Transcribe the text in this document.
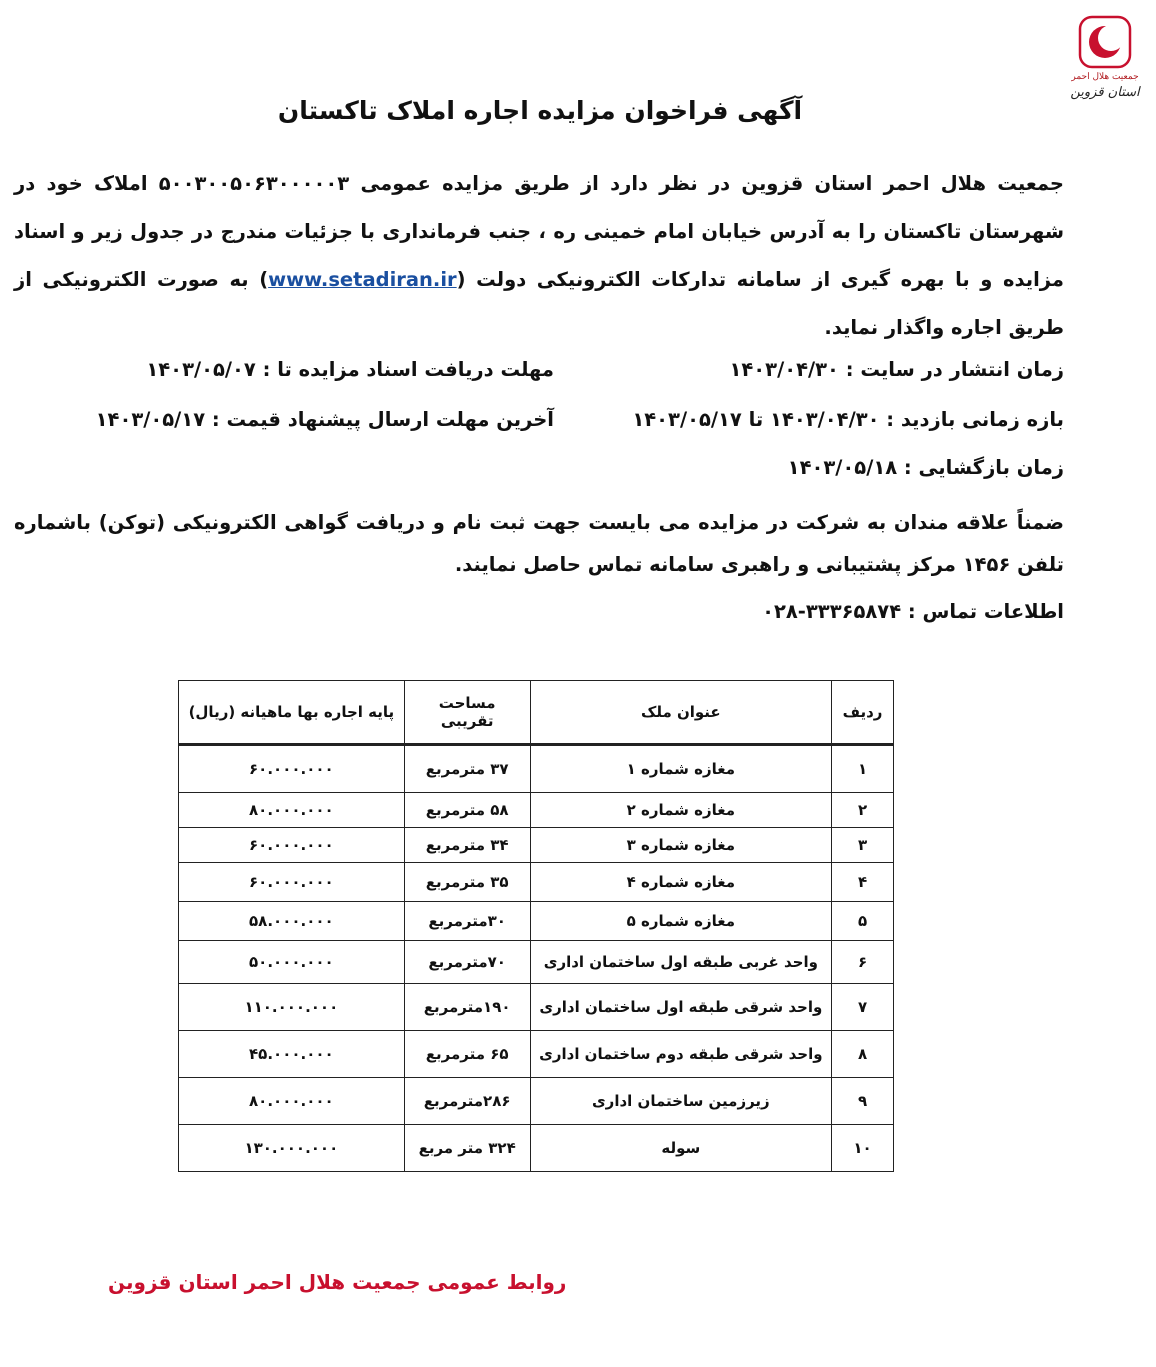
جمعیت هلال احمر
استان قزوین
آگهی فراخوان مزایده اجاره املاک تاکستان
جمعیت هلال احمر استان قزوین در نظر دارد از طریق مزایده عمومی ۵۰۰۳۰۰۵۰۶۳۰۰۰۰۰۳ املاک خود در شهرستان تاکستان را به آدرس خیابان امام خمینی ره ، جنب فرمانداری با جزئیات مندرج در جدول زیر و اسناد مزایده و با بهره گیری از سامانه تدارکات الکترونیکی دولت (www.setadiran.ir) به صورت الکترونیکی از طریق اجاره واگذار نماید.
زمان انتشار در سایت : ۱۴۰۳/۰۴/۳۰
مهلت دریافت اسناد مزایده تا : ۱۴۰۳/۰۵/۰۷
بازه زمانی بازدید : ۱۴۰۳/۰۴/۳۰ تا ۱۴۰۳/۰۵/۱۷
آخرین مهلت ارسال پیشنهاد قیمت : ۱۴۰۳/۰۵/۱۷
زمان بازگشایی : ۱۴۰۳/۰۵/۱۸
ضمناً علاقه مندان به شرکت در مزایده می بایست جهت ثبت نام و دریافت گواهی الکترونیکی (توکن) باشماره تلفن ۱۴۵۶ مرکز پشتیبانی و راهبری سامانه تماس حاصل نمایند.
اطلاعات تماس : ۰۲۸-۳۳۳۶۵۸۷۴
ردیف	عنوان ملک	مساحت تقریبی	پایه اجاره بها ماهیانه (ریال)
۱	مغازه شماره ۱	۳۷ مترمربع	۶۰.۰۰۰.۰۰۰
۲	مغازه شماره ۲	۵۸ مترمربع	۸۰.۰۰۰.۰۰۰
۳	مغازه شماره ۳	۳۴ مترمربع	۶۰.۰۰۰.۰۰۰
۴	مغازه شماره ۴	۳۵ مترمربع	۶۰.۰۰۰.۰۰۰
۵	مغازه شماره ۵	۳۰مترمربع	۵۸.۰۰۰.۰۰۰
۶	واحد غربی طبقه اول ساختمان اداری	۷۰مترمربع	۵۰.۰۰۰.۰۰۰
۷	واحد شرقی طبقه اول ساختمان اداری	۱۹۰مترمربع	۱۱۰.۰۰۰.۰۰۰
۸	واحد شرقی طبقه دوم ساختمان اداری	۶۵ مترمربع	۴۵.۰۰۰.۰۰۰
۹	زیرزمین ساختمان اداری	۲۸۶مترمربع	۸۰.۰۰۰.۰۰۰
۱۰	سوله	۳۲۴ متر مربع	۱۳۰.۰۰۰.۰۰۰
روابط عمومی جمعیت هلال احمر استان قزوین
